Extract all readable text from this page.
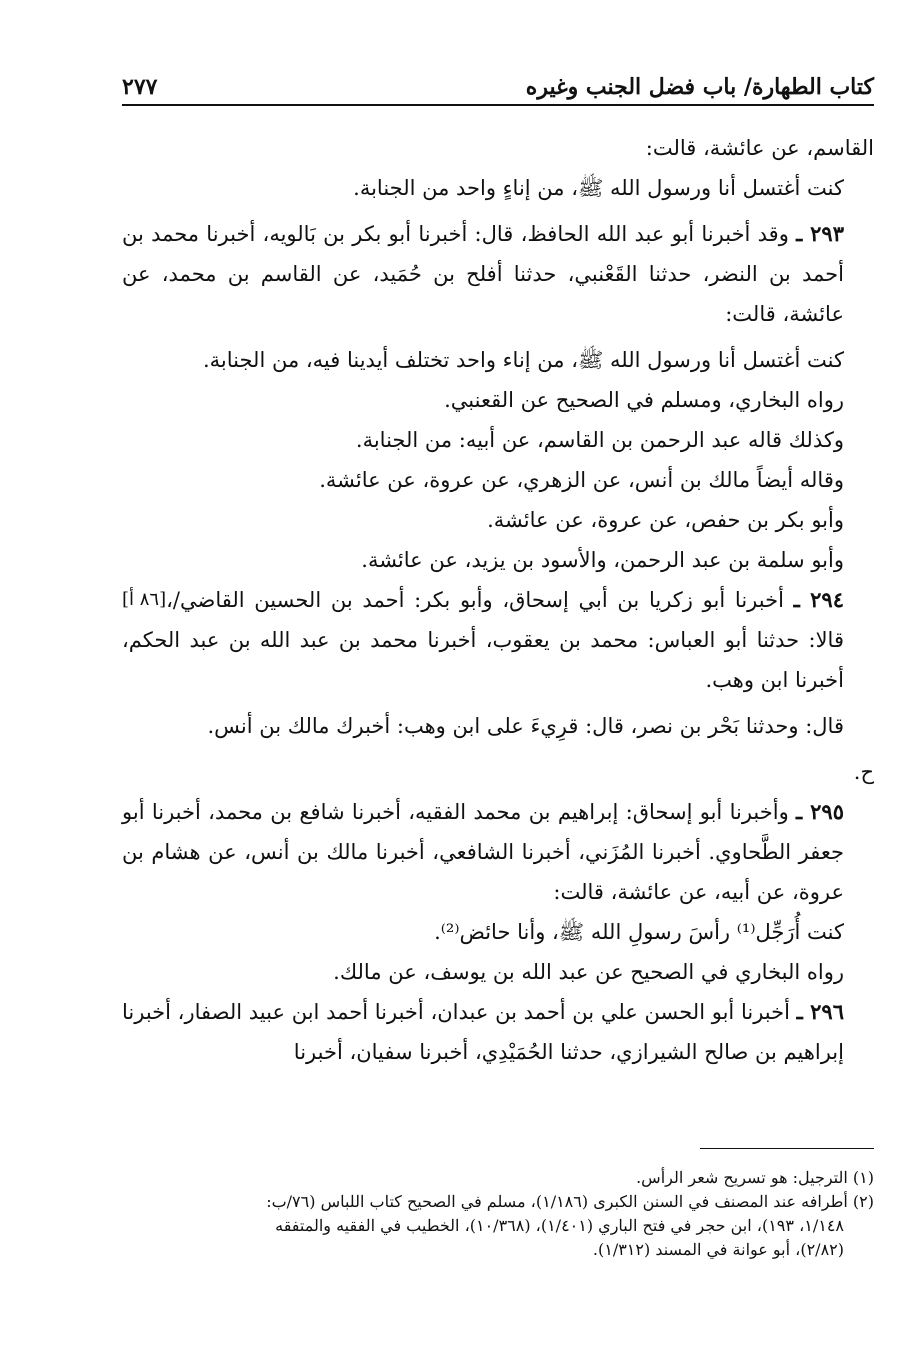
كتاب الطهارة/ باب فضل الجنب وغيره
٢٧٧

القاسم، عن عائشة، قالت:

كنت أغتسل أنا ورسول الله ﷺ، من إناءٍ واحد من الجنابة.

٢٩٣ ـ وقد أخبرنا أبو عبد الله الحافظ، قال: أخبرنا أبو بكر بن بَالويه، أخبرنا محمد بن أحمد بن النضر، حدثنا القَعْنبي، حدثنا أفلح بن حُمَيد، عن القاسم بن محمد، عن عائشة، قالت:

كنت أغتسل أنا ورسول الله ﷺ، من إناء واحد تختلف أيدينا فيه، من الجنابة.

رواه البخاري، ومسلم في الصحيح عن القعنبي.

وكذلك قاله عبد الرحمن بن القاسم، عن أبيه: من الجنابة.

وقاله أيضاً مالك بن أنس، عن الزهري، عن عروة، عن عائشة.

وأبو بكر بن حفص، عن عروة، عن عائشة.

وأبو سلمة بن عبد الرحمن، والأسود بن يزيد، عن عائشة.

[٨٦ أ]	٢٩٤ ـ أخبرنا أبو زكريا بن أبي إسحاق، وأبو بكر: أحمد بن الحسين القاضي/، قالا: حدثنا أبو العباس: محمد بن يعقوب، أخبرنا محمد بن عبد الله بن عبد الحكم، أخبرنا ابن وهب.

قال: وحدثنا بَحْر بن نصر، قال: قرِيءَ على ابن وهب: أخبرك مالك بن أنس.

ح.

٢٩٥ ـ وأخبرنا أبو إسحاق: إبراهيم بن محمد الفقيه، أخبرنا شافع بن محمد، أخبرنا أبو جعفر الطَّحاوي. أخبرنا المُزَني، أخبرنا الشافعي، أخبرنا مالك بن أنس، عن هشام بن عروة، عن أبيه، عن عائشة، قالت:

كنت أُرَجِّل⁽¹⁾ رأسَ رسولِ الله ﷺ، وأنا حائض⁽²⁾.

رواه البخاري في الصحيح عن عبد الله بن يوسف، عن مالك.

٢٩٦ ـ أخبرنا أبو الحسن علي بن أحمد بن عبدان، أخبرنا أحمد ابن عبيد الصفار، أخبرنا إبراهيم بن صالح الشيرازي، حدثنا الحُمَيْدِي، أخبرنا سفيان، أخبرنا

(١) الترجيل: هو تسريح شعر الرأس.

(٢) أطرافه عند المصنف في السنن الكبرى (١/١٨٦)، مسلم في الصحيح كتاب اللباس (٧٦/ب:

١/١٤٨، ١٩٣)، ابن حجر في فتح الباري (١/٤٠١)، (١٠/٣٦٨)، الخطيب في الفقيه والمتفقه

(٢/٨٢)، أبو عوانة في المسند (١/٣١٢).
